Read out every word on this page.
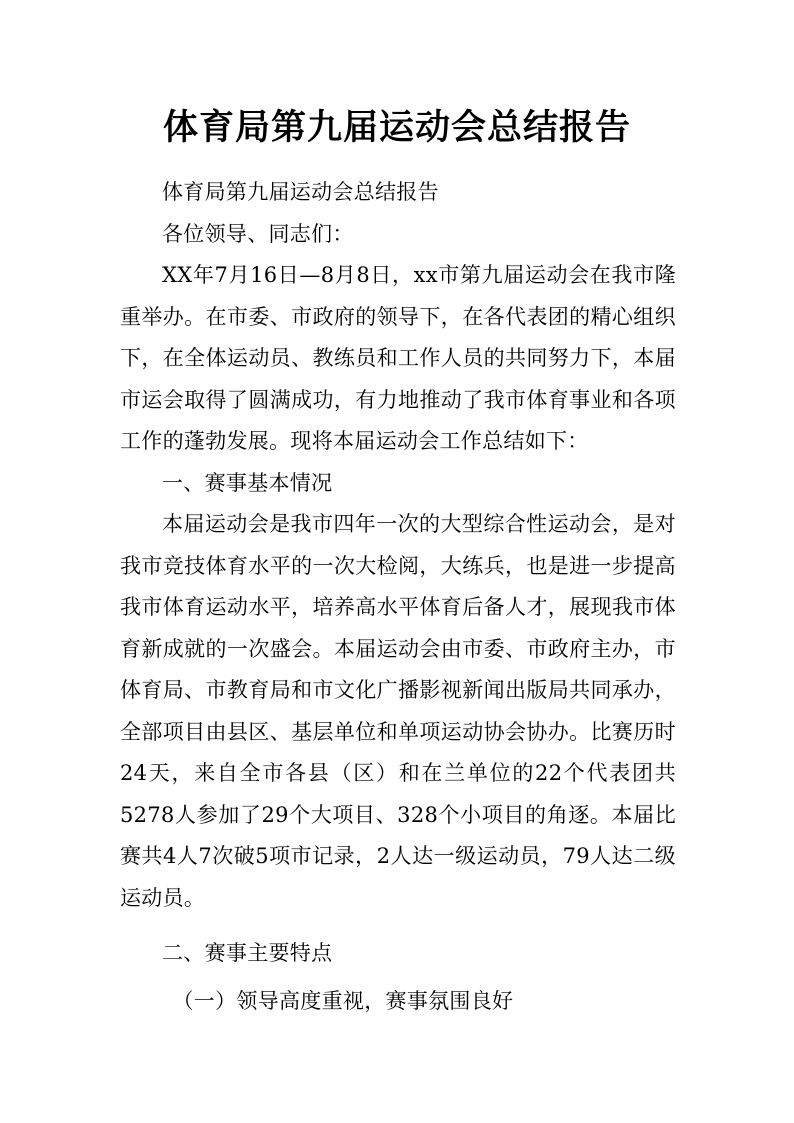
体育局第九届运动会总结报告

体育局第九届运动会总结报告

各位领导、同志们：

XX年7月16日—8月8日，xx市第九届运动会在我市隆重举办。在市委、市政府的领导下，在各代表团的精心组织下，在全体运动员、教练员和工作人员的共同努力下，本届市运会取得了圆满成功，有力地推动了我市体育事业和各项工作的蓬勃发展。现将本届运动会工作总结如下：

一、赛事基本情况

本届运动会是我市四年一次的大型综合性运动会，是对我市竞技体育水平的一次大检阅，大练兵，也是进一步提高我市体育运动水平，培养高水平体育后备人才，展现我市体育新成就的一次盛会。本届运动会由市委、市政府主办，市体育局、市教育局和市文化广播影视新闻出版局共同承办，全部项目由县区、基层单位和单项运动协会协办。比赛历时24天，来自全市各县（区）和在兰单位的22个代表团共5278人参加了29个大项目、328个小项目的角逐。本届比赛共4人7次破5项市记录，2人达一级运动员，79人达二级运动员。

二、赛事主要特点

（一）领导高度重视，赛事氛围良好
